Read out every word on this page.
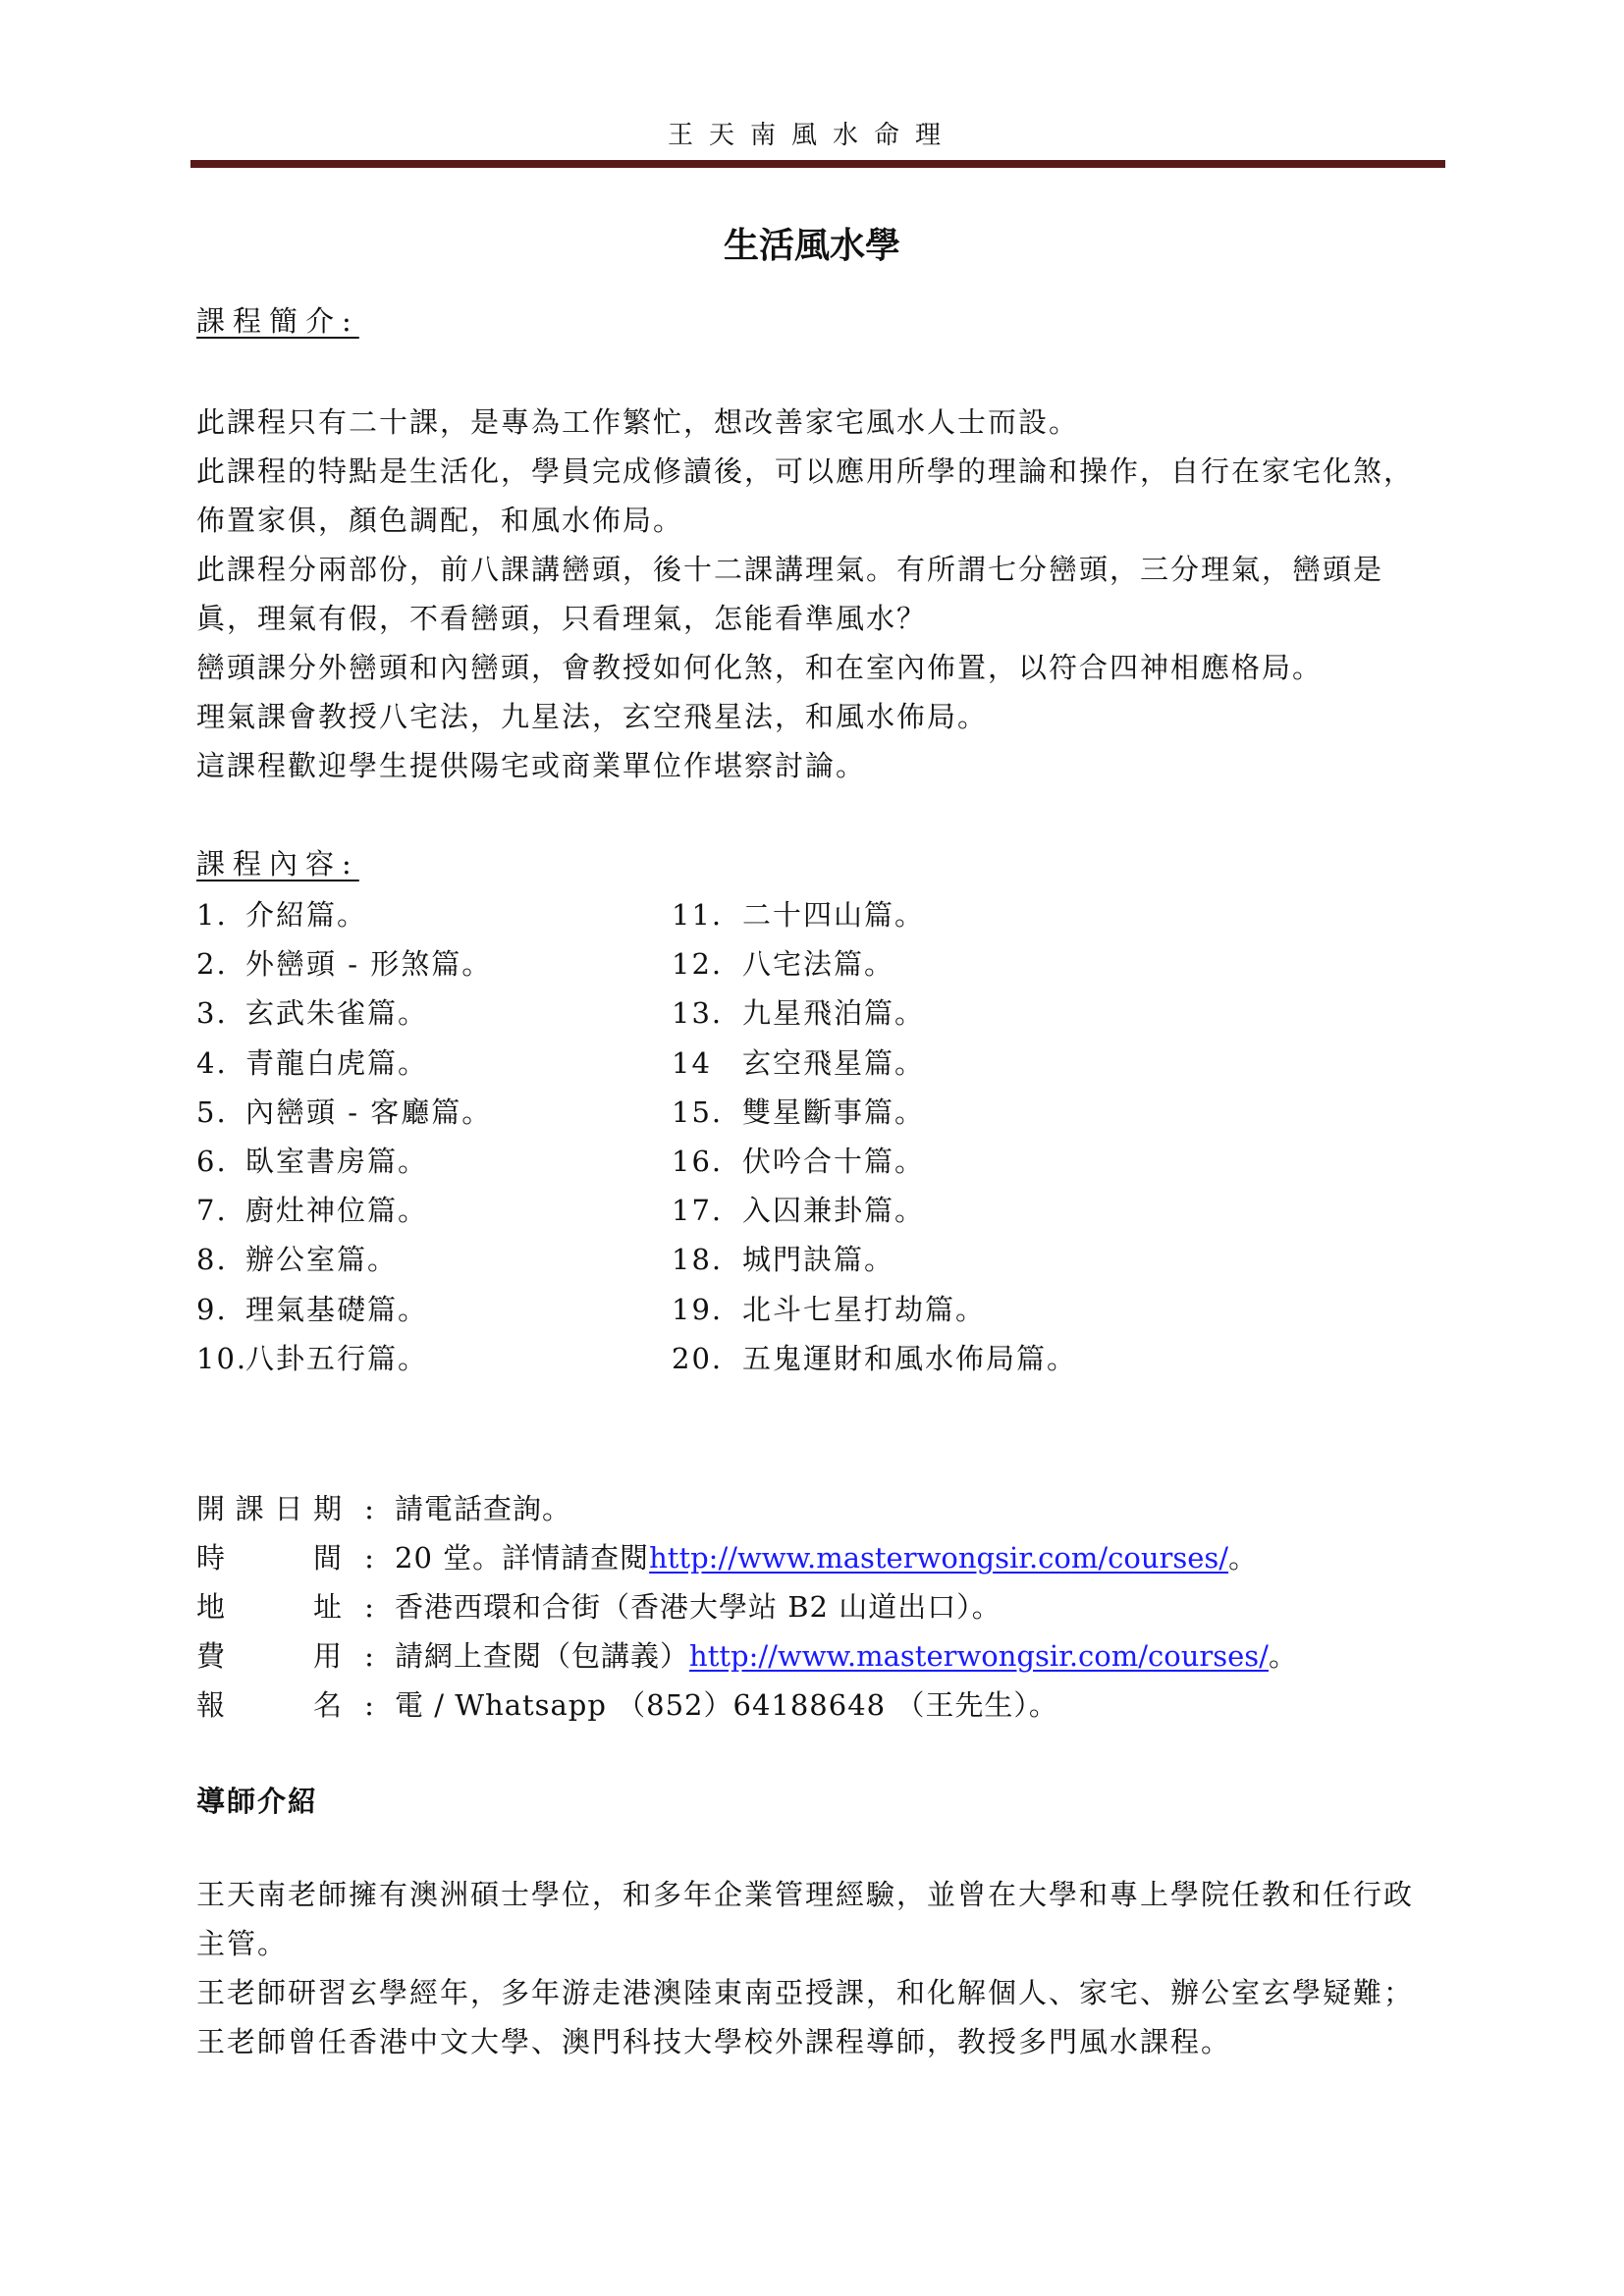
王天南風水命理
生活風水學
課程簡介:

此課程只有二十課，是專為工作繁忙，想改善家宅風水人士而設。

此課程的特點是生活化，學員完成修讀後，可以應用所學的理論和操作，自行在家宅化煞，佈置家俱，顏色調配，和風水佈局。

此課程分兩部份，前八課講巒頭，後十二課講理氣。有所謂七分巒頭，三分理氣，巒頭是眞，理氣有假，不看巒頭，只看理氣，怎能看準風水？

巒頭課分外巒頭和內巒頭，會教授如何化煞，和在室內佈置，以符合四神相應格局。

理氣課會教授八宅法，九星法，玄空飛星法，和風水佈局。

這課程歡迎學生提供陽宅或商業單位作堪察討論。

課程內容:
1. 介紹篇。
2. 外巒頭 - 形煞篇。
3. 玄武朱雀篇。
4. 青龍白虎篇。
5. 內巒頭 - 客廳篇。
6. 臥室書房篇。
7. 廚灶神位篇。
8. 辦公室篇。
9. 理氣基礎篇。
10.八卦五行篇。
11. 二十四山篇。
12. 八宅法篇。
13. 九星飛泊篇。
14 玄空飛星篇。
15. 雙星斷事篇。
16. 伏吟合十篇。
17. 入囚兼卦篇。
18. 城門訣篇。
19. 北斗七星打劫篇。
20. 五鬼運財和風水佈局篇。
開課日期 : 請電話查詢。
時間 : 20 堂。詳情請查閱http://www.masterwongsir.com/courses/。
地址 : 香港西環和合街（香港大學站 B2 山道出口）。
費用 : 請網上查閱（包講義）http://www.masterwongsir.com/courses/。
報名 : 電 / Whatsapp （852）64188648 （王先生）。
導師介紹

王天南老師擁有澳洲碩士學位，和多年企業管理經驗，並曾在大學和專上學院任教和任行政主管。

王老師研習玄學經年，多年游走港澳陸東南亞授課，和化解個人、家宅、辦公室玄學疑難；王老師曾任香港中文大學、澳門科技大學校外課程導師，教授多門風水課程。
